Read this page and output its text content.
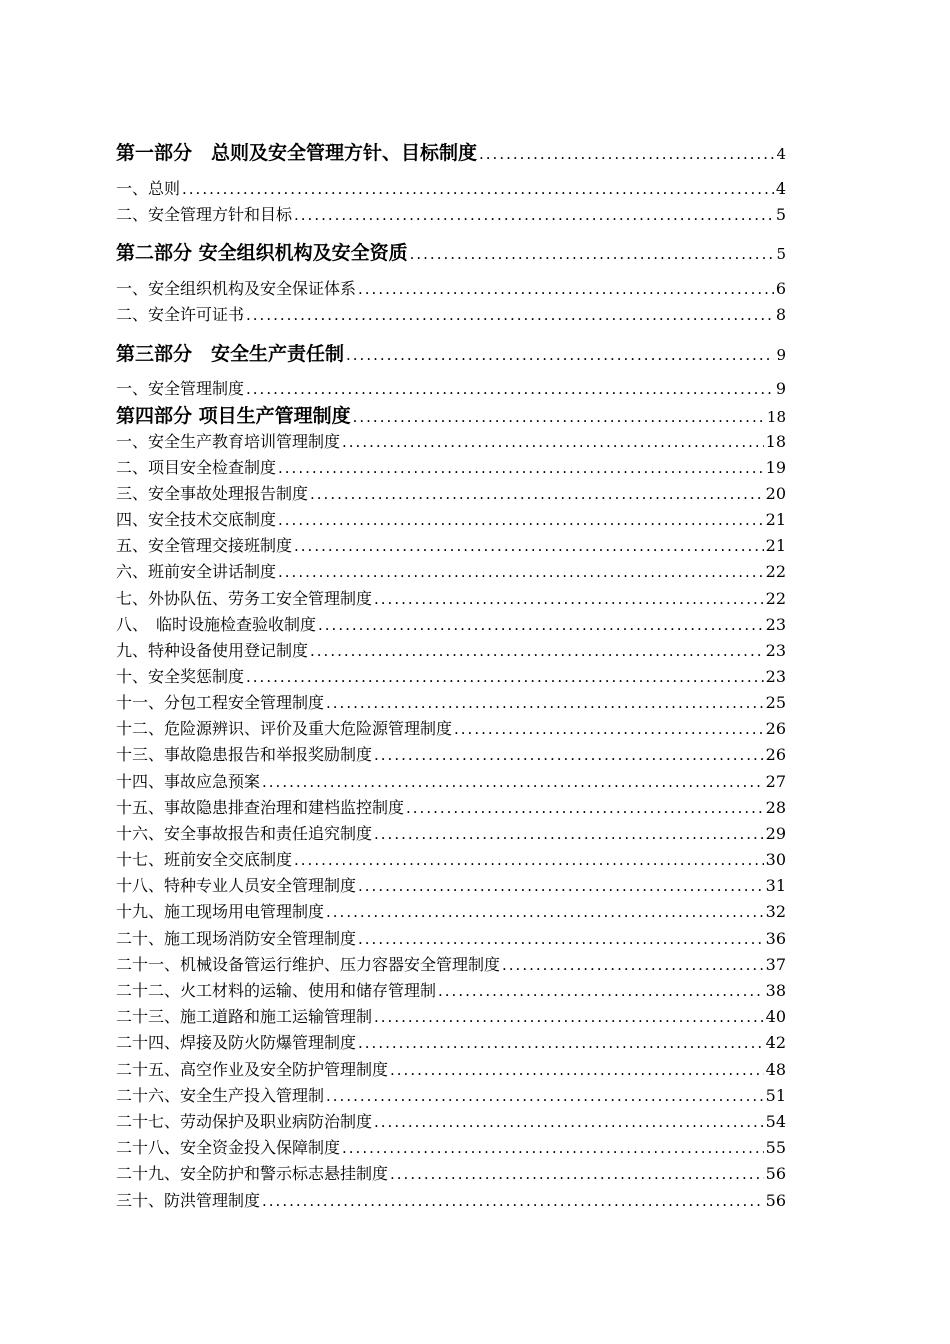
第一部分　总则及安全管理方针、目标制度 .....	4
一、总则 .....	4
二、安全管理方针和目标 .....	5
第二部分 安全组织机构及安全资质 .....	5
一、安全组织机构及安全保证体系 .....	6
二、安全许可证书 .....	8
第三部分　安全生产责任制 .....	9
一、安全管理制度 .....	9
第四部分 项目生产管理制度 .....	18
一、安全生产教育培训管理制度 .....	18
二、项目安全检查制度 .....	19
三、安全事故处理报告制度 .....	20
四、安全技术交底制度 .....	21
五、安全管理交接班制度 .....	21
六、班前安全讲话制度 .....	22
七、外协队伍、劳务工安全管理制度 .....	22
八、　临时设施检查验收制度 .....	23
九、特种设备使用登记制度 .....	23
十、安全奖惩制度 .....	23
十一、分包工程安全管理制度 .....	25
十二、危险源辨识、评价及重大危险源管理制度 .....	26
十三、事故隐患报告和举报奖励制度 .....	26
十四、事故应急预案 .....	27
十五、事故隐患排查治理和建档监控制度 .....	28
十六、安全事故报告和责任追究制度 .....	29
十七、班前安全交底制度 .....	30
十八、特种专业人员安全管理制度 .....	31
十九、施工现场用电管理制度 .....	32
二十、施工现场消防安全管理制度 .....	36
二十一、机械设备管运行维护、压力容器安全管理制度 .....	37
二十二、火工材料的运输、使用和储存管理制 .....	38
二十三、施工道路和施工运输管理制 .....	40
二十四、焊接及防火防爆管理制度 .....	42
二十五、高空作业及安全防护管理制度 .....	48
二十六、安全生产投入管理制 .....	51
二十七、劳动保护及职业病防治制度 .....	54
二十八、安全资金投入保障制度 .....	55
二十九、安全防护和警示标志悬挂制度 .....	56
三十、防洪管理制度 .....	56
